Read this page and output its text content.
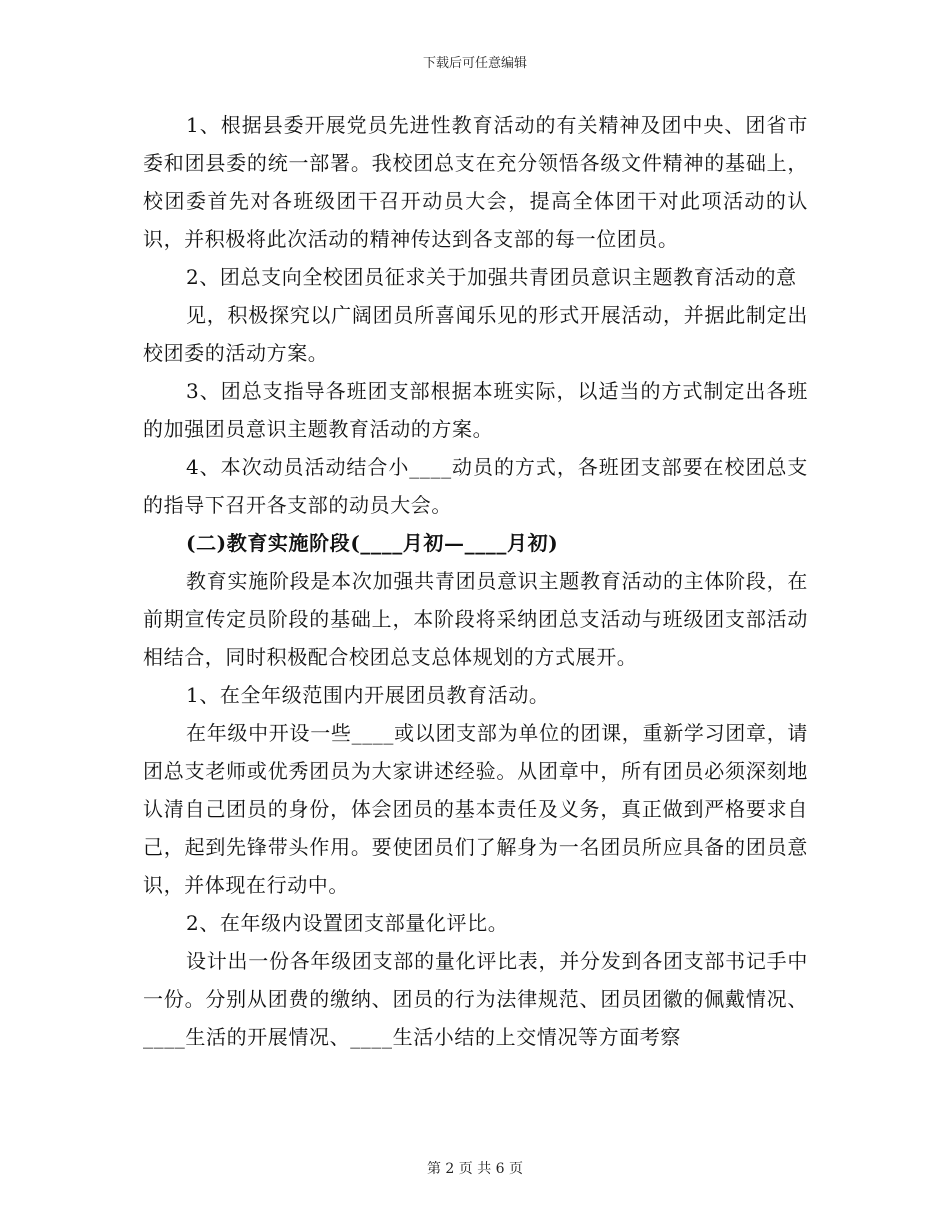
下载后可任意编辑

1、根据县委开展党员先进性教育活动的有关精神及团中央、团省市委和团县委的统一部署。我校团总支在充分领悟各级文件精神的基础上，校团委首先对各班级团干召开动员大会，提高全体团干对此项活动的认识，并积极将此次活动的精神传达到各支部的每一位团员。

2、团总支向全校团员征求关于加强共青团员意识主题教育活动的意

见，积极探究以广阔团员所喜闻乐见的形式开展活动，并据此制定出校团委的活动方案。

3、团总支指导各班团支部根据本班实际，以适当的方式制定出各班的加强团员意识主题教育活动的方案。

4、本次动员活动结合小____动员的方式，各班团支部要在校团总支的指导下召开各支部的动员大会。

(二)教育实施阶段(____月初—____月初)

教育实施阶段是本次加强共青团员意识主题教育活动的主体阶段，在前期宣传定员阶段的基础上，本阶段将采纳团总支活动与班级团支部活动相结合，同时积极配合校团总支总体规划的方式展开。

1、在全年级范围内开展团员教育活动。

在年级中开设一些____或以团支部为单位的团课，重新学习团章，请团总支老师或优秀团员为大家讲述经验。从团章中，所有团员必须深刻地认清自己团员的身份，体会团员的基本责任及义务，真正做到严格要求自己，起到先锋带头作用。要使团员们了解身为一名团员所应具备的团员意识，并体现在行动中。

2、在年级内设置团支部量化评比。

设计出一份各年级团支部的量化评比表，并分发到各团支部书记手中一份。分别从团费的缴纳、团员的行为法律规范、团员团徽的佩戴情况、____生活的开展情况、____生活小结的上交情况等方面考察

第 2 页 共 6 页
